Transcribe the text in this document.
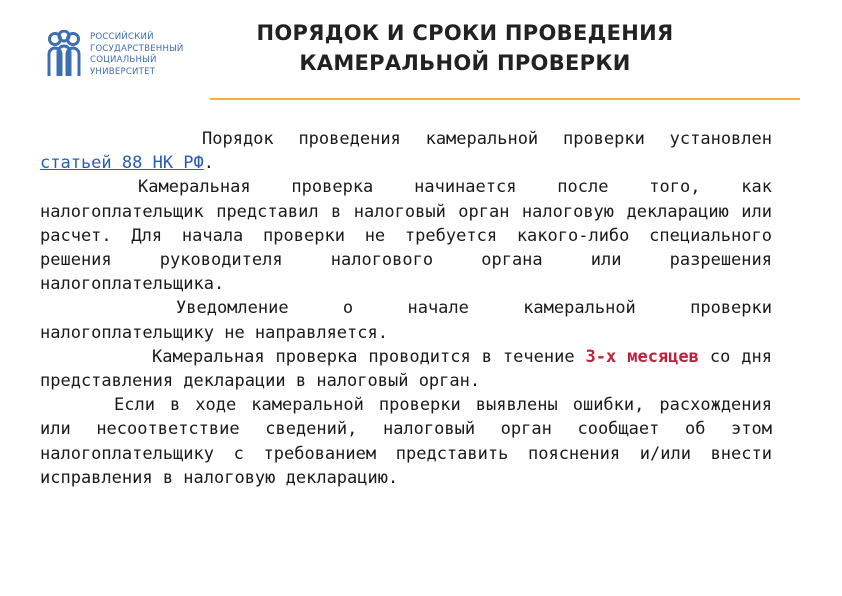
РОССИЙСКИЙ
ГОСУДАРСТВЕННЫЙ
СОЦИАЛЬНЫЙ
УНИВЕРСИТЕТ
ПОРЯДОК И СРОКИ ПРОВЕДЕНИЯ
КАМЕРАЛЬНОЙ ПРОВЕРКИ

Порядок проведения камеральной проверки установлен статьей 88 НК РФ.

Камеральная проверка начинается после того, как налогоплательщик представил в налоговый орган налоговую декларацию или расчет. Для начала проверки не требуется какого-либо специального решения руководителя налогового органа или разрешения налогоплательщика.

Уведомление о начале камеральной проверки налогоплательщику не направляется.

Камеральная проверка проводится в течение 3-х месяцев со дня представления декларации в налоговый орган.

Если в ходе камеральной проверки выявлены ошибки, расхождения или несоответствие сведений, налоговый орган сообщает об этом налогоплательщику с требованием представить пояснения и/или внести исправления в налоговую декларацию.
